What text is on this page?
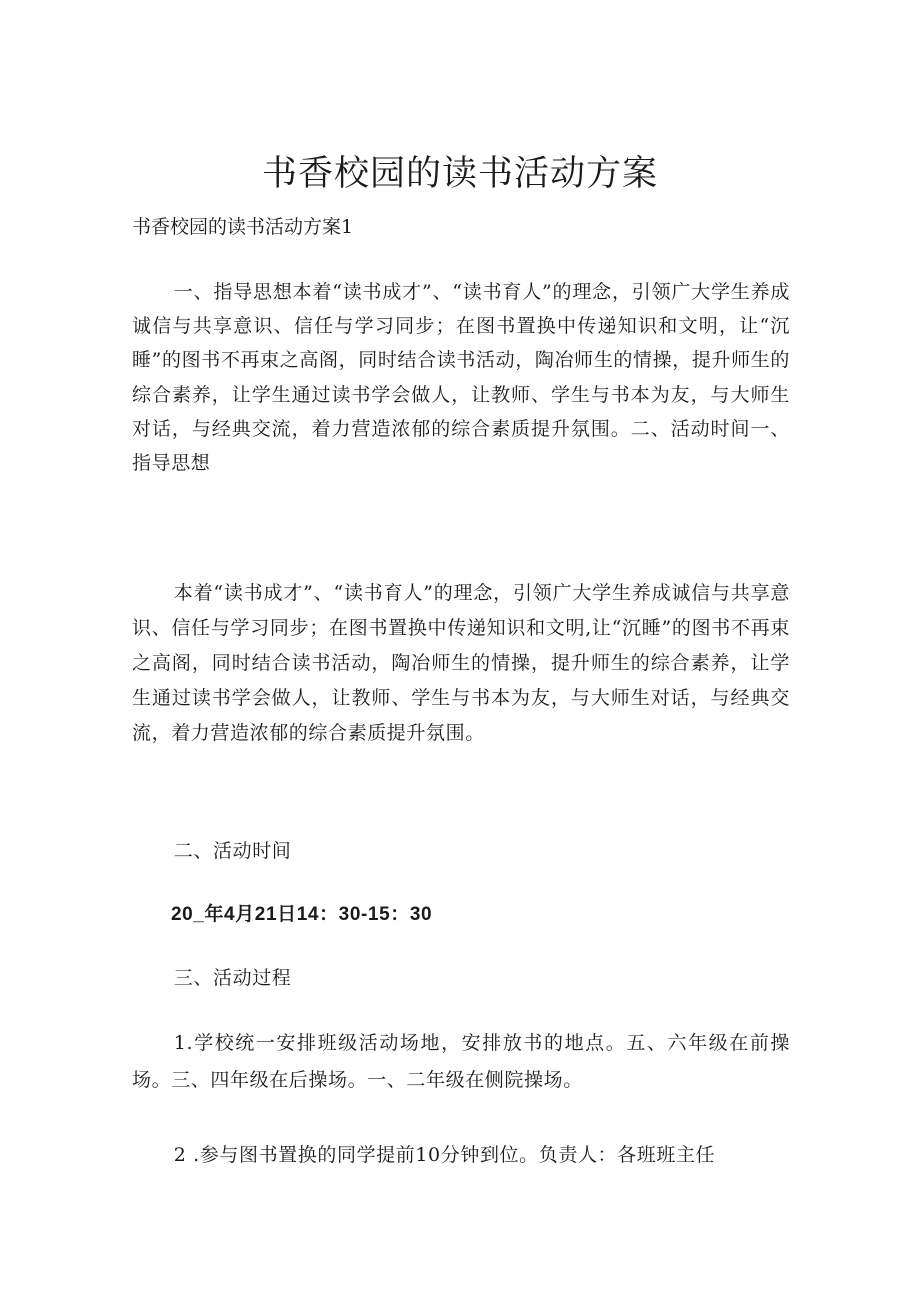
书香校园的读书活动方案

书香校园的读书活动方案1

一、指导思想本着“读书成才”、“读书育人”的理念，引领广大学生养成诚信与共享意识、信任与学习同步；在图书置换中传递知识和文明，让“沉睡”的图书不再束之高阁，同时结合读书活动，陶冶师生的情操，提升师生的综合素养，让学生通过读书学会做人，让教师、学生与书本为友，与大师生对话，与经典交流，着力营造浓郁的综合素质提升氛围。二、活动时间一、指导思想

本着“读书成才”、“读书育人”的理念，引领广大学生养成诚信与共享意识、信任与学习同步；在图书置换中传递知识和文明,让“沉睡”的图书不再束之高阁，同时结合读书活动，陶冶师生的情操，提升师生的综合素养，让学生通过读书学会做人，让教师、学生与书本为友，与大师生对话，与经典交流，着力营造浓郁的综合素质提升氛围。

二、活动时间

20_年4月21日14：30-15：30

三、活动过程

1.学校统一安排班级活动场地，安排放书的地点。五、六年级在前操场。三、四年级在后操场。一、二年级在侧院操场。

2 .参与图书置换的同学提前10分钟到位。负责人：各班班主任
